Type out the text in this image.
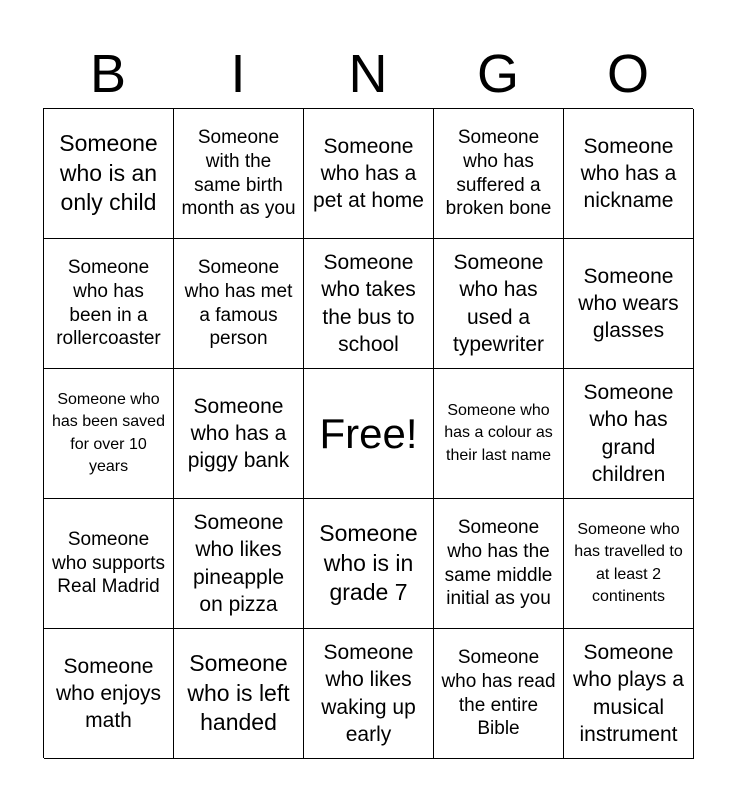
B	I	N	G	O
Someone who is an only child
Someone with the same birth month as you
Someone who has a pet at home
Someone who has suffered a broken bone
Someone who has a nickname
Someone who has been in a rollercoaster
Someone who has met a famous person
Someone who takes the bus to school
Someone who has used a typewriter
Someone who wears glasses
Someone who has been saved for over 10 years
Someone who has a piggy bank
Free!	Someone who has a colour as their last name
Someone who has grand children
Someone who supports Real Madrid
Someone who likes pineapple on pizza
Someone who is in grade 7
Someone who has the same middle initial as you
Someone who has travelled to at least 2 continents
Someone who enjoys math
Someone who is left handed
Someone who likes waking up early
Someone who has read the entire Bible
Someone who plays a musical instrument
